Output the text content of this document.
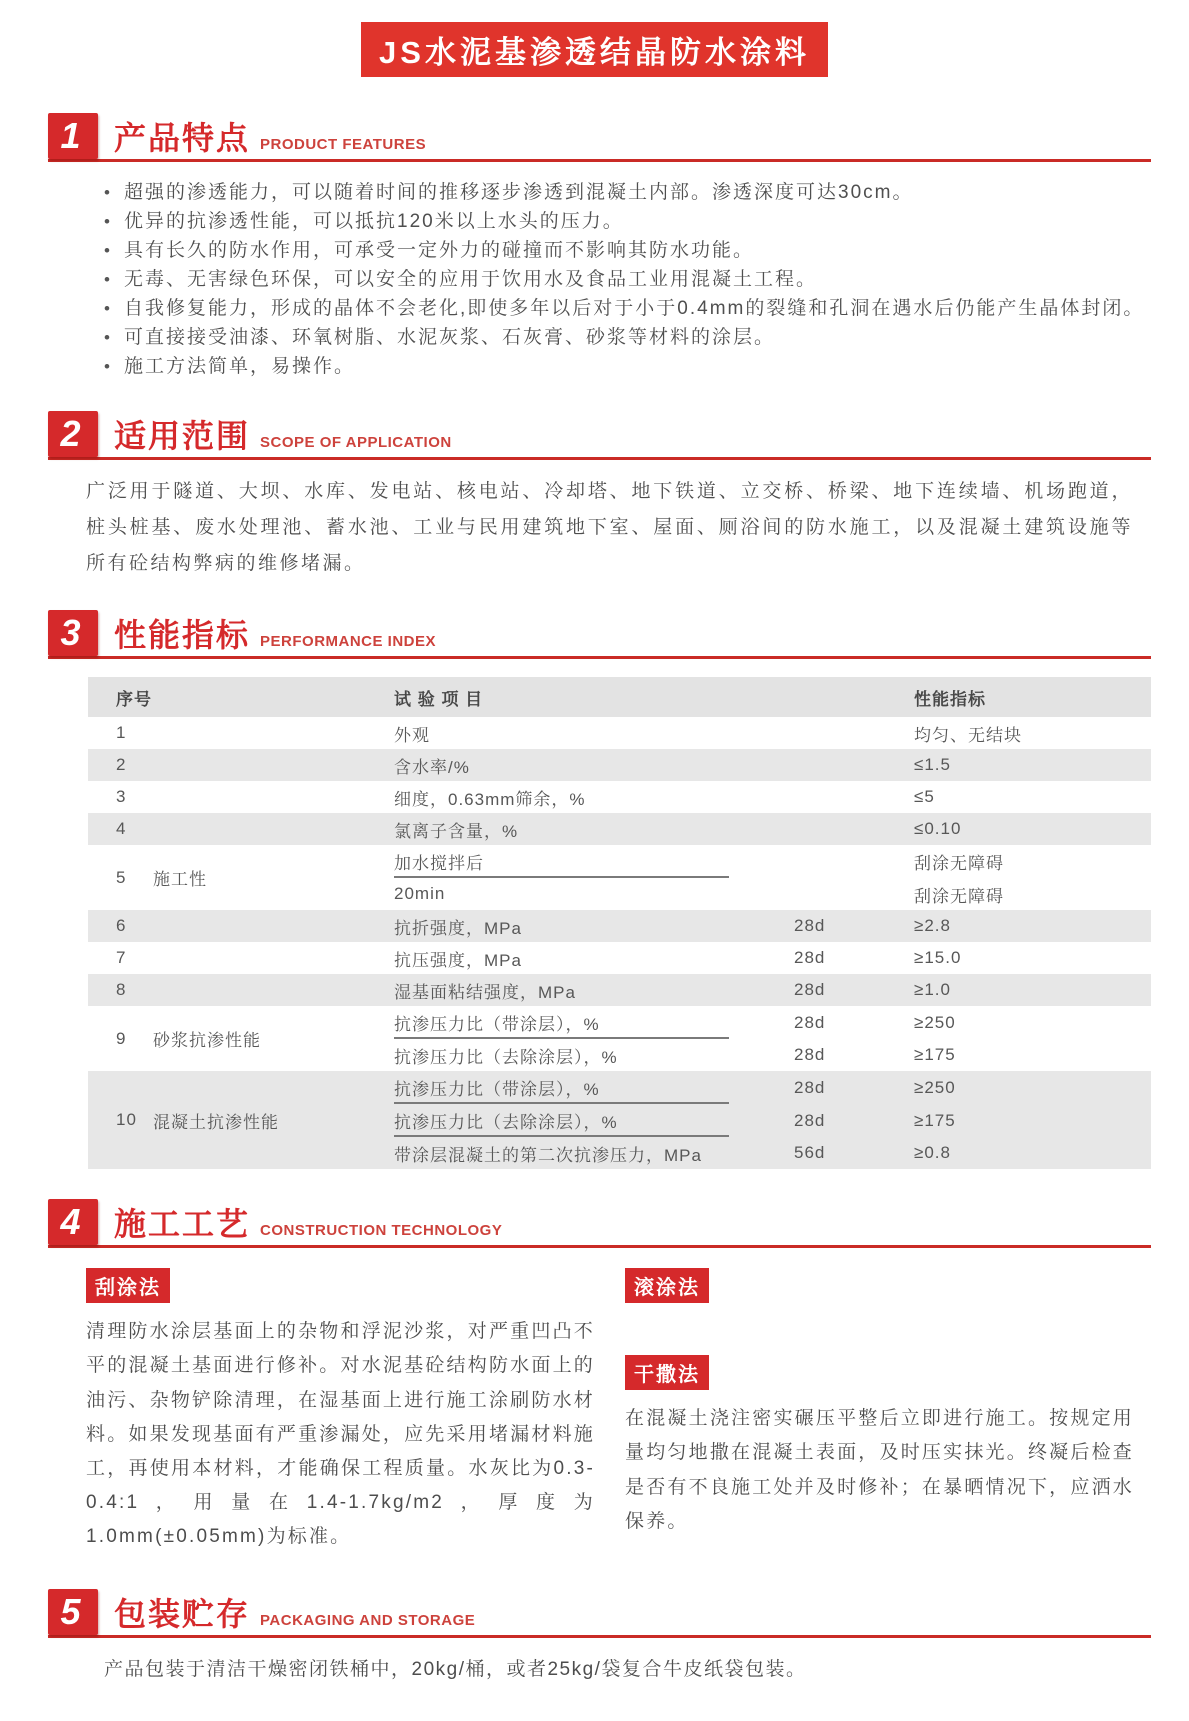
JS水泥基渗透结晶防水涂料
1	产品特点 PRODUCT FEATURES
• 超强的渗透能力，可以随着时间的推移逐步渗透到混凝土内部。渗透深度可达30cm。
• 优异的抗渗透性能，可以抵抗120米以上水头的压力。
• 具有长久的防水作用，可承受一定外力的碰撞而不影响其防水功能。
• 无毒、无害绿色环保，可以安全的应用于饮用水及食品工业用混凝土工程。
• 自我修复能力，形成的晶体不会老化,即使多年以后对于小于0.4mm的裂缝和孔洞在遇水后仍能产生晶体封闭。
• 可直接接受油漆、环氧树脂、水泥灰浆、石灰膏、砂浆等材料的涂层。
• 施工方法简单，易操作。
2	适用范围 SCOPE OF APPLICATION

广泛用于隧道、大坝、水库、发电站、核电站、冷却塔、地下铁道、立交桥、桥梁、地下连续墙、机场跑道，桩头桩基、废水处理池、蓄水池、工业与民用建筑地下室、屋面、厕浴间的防水施工，以及混凝土建筑设施等所有砼结构弊病的维修堵漏。

3	性能指标 PERFORMANCE INDEX
序号	试 验 项 目	性能指标
1	外观	均匀、无结块
2	含水率/%	≤1.5
3	细度，0.63mm筛余，%	≤5
4	氯离子含量，%	≤0.10
5	施工性
加水搅拌后	刮涂无障碍
20min	刮涂无障碍
6	抗折强度，MPa	28d	≥2.8
7	抗压强度，MPa	28d	≥15.0
8	湿基面粘结强度，MPa	28d	≥1.0
9	砂浆抗渗性能
抗渗压力比（带涂层），%	28d	≥250
抗渗压力比（去除涂层），%	28d	≥175
10 混凝土抗渗性能
抗渗压力比（带涂层），%	28d	≥250
抗渗压力比（去除涂层），%	28d	≥175
带涂层混凝土的第二次抗渗压力，MPa	56d	≥0.8
4	施工工艺 CONSTRUCTION TECHNOLOGY
刮涂法
清理防水涂层基面上的杂物和浮泥沙浆，对严重凹凸不平的混凝土基面进行修补。对水泥基砼结构防水面上的油污、杂物铲除清理，在湿基面上进行施工涂刷防水材料。如果发现基面有严重渗漏处，应先采用堵漏材料施工，再使用本材料，才能确保工程质量。水灰比为0.3-0.4:1，用量在1.4-1.7kg/m2，厚度为1.0mm(±0.05mm)为标准。
滚涂法
干撒法
在混凝土浇注密实碾压平整后立即进行施工。按规定用量均匀地撒在混凝土表面，及时压实抹光。终凝后检查是否有不良施工处并及时修补；在暴晒情况下，应洒水保养。
5	包装贮存 PACKAGING AND STORAGE

产品包装于清洁干燥密闭铁桶中，20kg/桶，或者25kg/袋复合牛皮纸袋包装。
